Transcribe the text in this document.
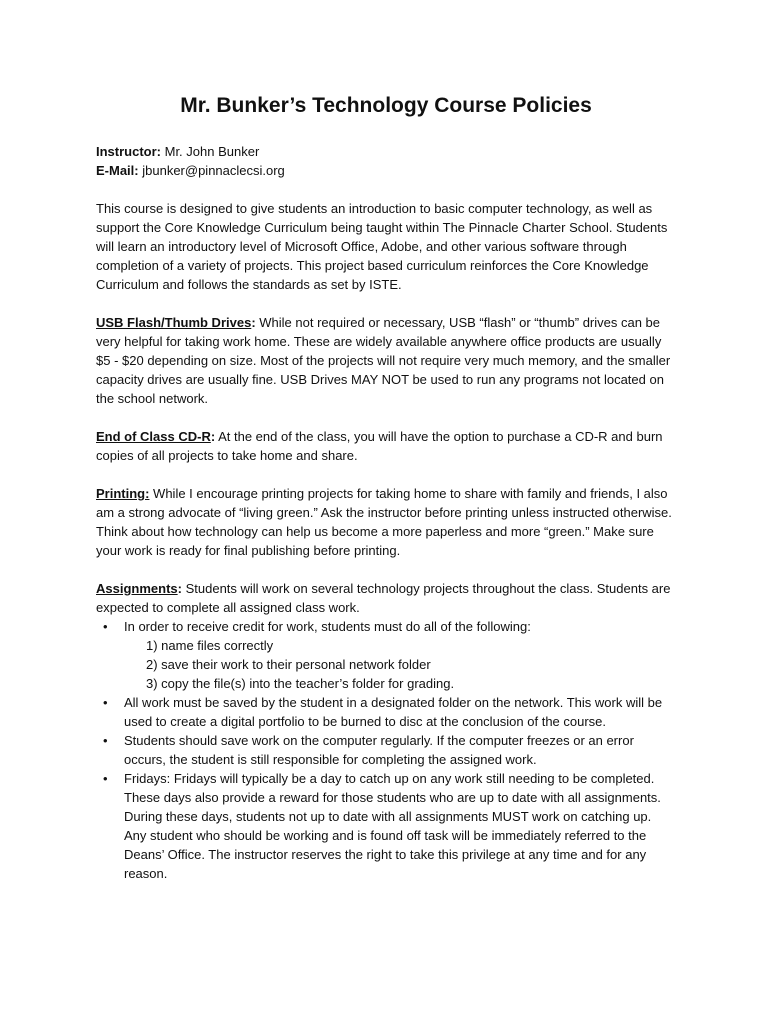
Mr. Bunker’s Technology Course Policies

Instructor: Mr. John Bunker

E-Mail: jbunker@pinnaclecsi.org

This course is designed to give students an introduction to basic computer technology, as well as support the Core Knowledge Curriculum being taught within The Pinnacle Charter School. Students will learn an introductory level of Microsoft Office, Adobe, and other various software through completion of a variety of projects. This project based curriculum reinforces the Core Knowledge Curriculum and follows the standards as set by ISTE.

USB Flash/Thumb Drives: While not required or necessary, USB “flash” or “thumb” drives can be very helpful for taking work home. These are widely available anywhere office products are usually $5 - $20 depending on size. Most of the projects will not require very much memory, and the smaller capacity drives are usually fine. USB Drives MAY NOT be used to run any programs not located on the school network.

End of Class CD-R: At the end of the class, you will have the option to purchase a CD-R and burn copies of all projects to take home and share.

Printing: While I encourage printing projects for taking home to share with family and friends, I also am a strong advocate of “living green.” Ask the instructor before printing unless instructed otherwise. Think about how technology can help us become a more paperless and more “green.” Make sure your work is ready for final publishing before printing.

Assignments: Students will work on several technology projects throughout the class. Students are expected to complete all assigned class work.

• In order to receive credit for work, students must do all of the following:
1) name files correctly
2) save their work to their personal network folder
3) copy the file(s) into the teacher’s folder for grading.
• All work must be saved by the student in a designated folder on the network. This work will be used to create a digital portfolio to be burned to disc at the conclusion of the course.
• Students should save work on the computer regularly. If the computer freezes or an error occurs, the student is still responsible for completing the assigned work.
• Fridays: Fridays will typically be a day to catch up on any work still needing to be completed. These days also provide a reward for those students who are up to date with all assignments. During these days, students not up to date with all assignments MUST work on catching up. Any student who should be working and is found off task will be immediately referred to the Deans’ Office. The instructor reserves the right to take this privilege at any time and for any reason.
